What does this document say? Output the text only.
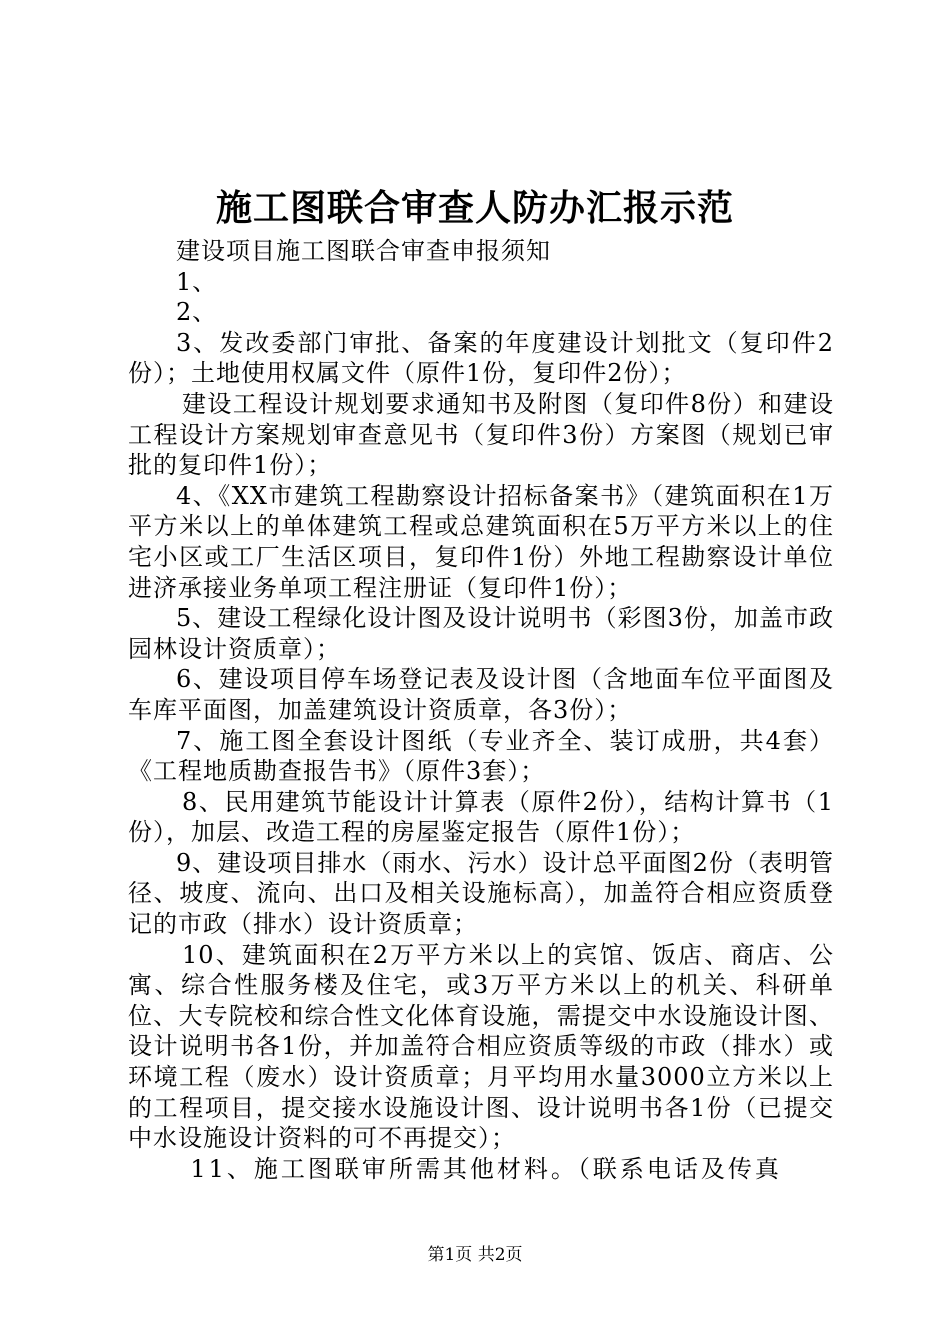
施工图联合审查人防办汇报示范

建设项目施工图联合审查申报须知

1、

2、

3、发改委部门审批、备案的年度建设计划批文（复印件2份）；土地使用权属文件（原件1份，复印件2份）；

建设工程设计规划要求通知书及附图（复印件8份）和建设工程设计方案规划审查意见书（复印件3份）方案图（规划已审批的复印件1份）；

4、《XX市建筑工程勘察设计招标备案书》（建筑面积在1万平方米以上的单体建筑工程或总建筑面积在5万平方米以上的住宅小区或工厂生活区项目，复印件1份）外地工程勘察设计单位进济承接业务单项工程注册证（复印件1份）；

5、建设工程绿化设计图及设计说明书（彩图3份，加盖市政园林设计资质章）；

6、建设项目停车场登记表及设计图（含地面车位平面图及车库平面图，加盖建筑设计资质章，各3份）；

7、施工图全套设计图纸（专业齐全、装订成册，共4套）《工程地质勘查报告书》（原件3套）；

8、民用建筑节能设计计算表（原件2份），结构计算书（1份），加层、改造工程的房屋鉴定报告（原件1份）；

9、建设项目排水（雨水、污水）设计总平面图2份（表明管径、坡度、流向、出口及相关设施标高），加盖符合相应资质登记的市政（排水）设计资质章；

10、建筑面积在2万平方米以上的宾馆、饭店、商店、公寓、综合性服务楼及住宅，或3万平方米以上的机关、科研单位、大专院校和综合性文化体育设施，需提交中水设施设计图、设计说明书各1份，并加盖符合相应资质等级的市政（排水）或环境工程（废水）设计资质章；月平均用水量3000立方米以上的工程项目，提交接水设施设计图、设计说明书各1份（已提交中水设施设计资料的可不再提交）；

11、施工图联审所需其他材料。（联系电话及传真

第1页 共2页
